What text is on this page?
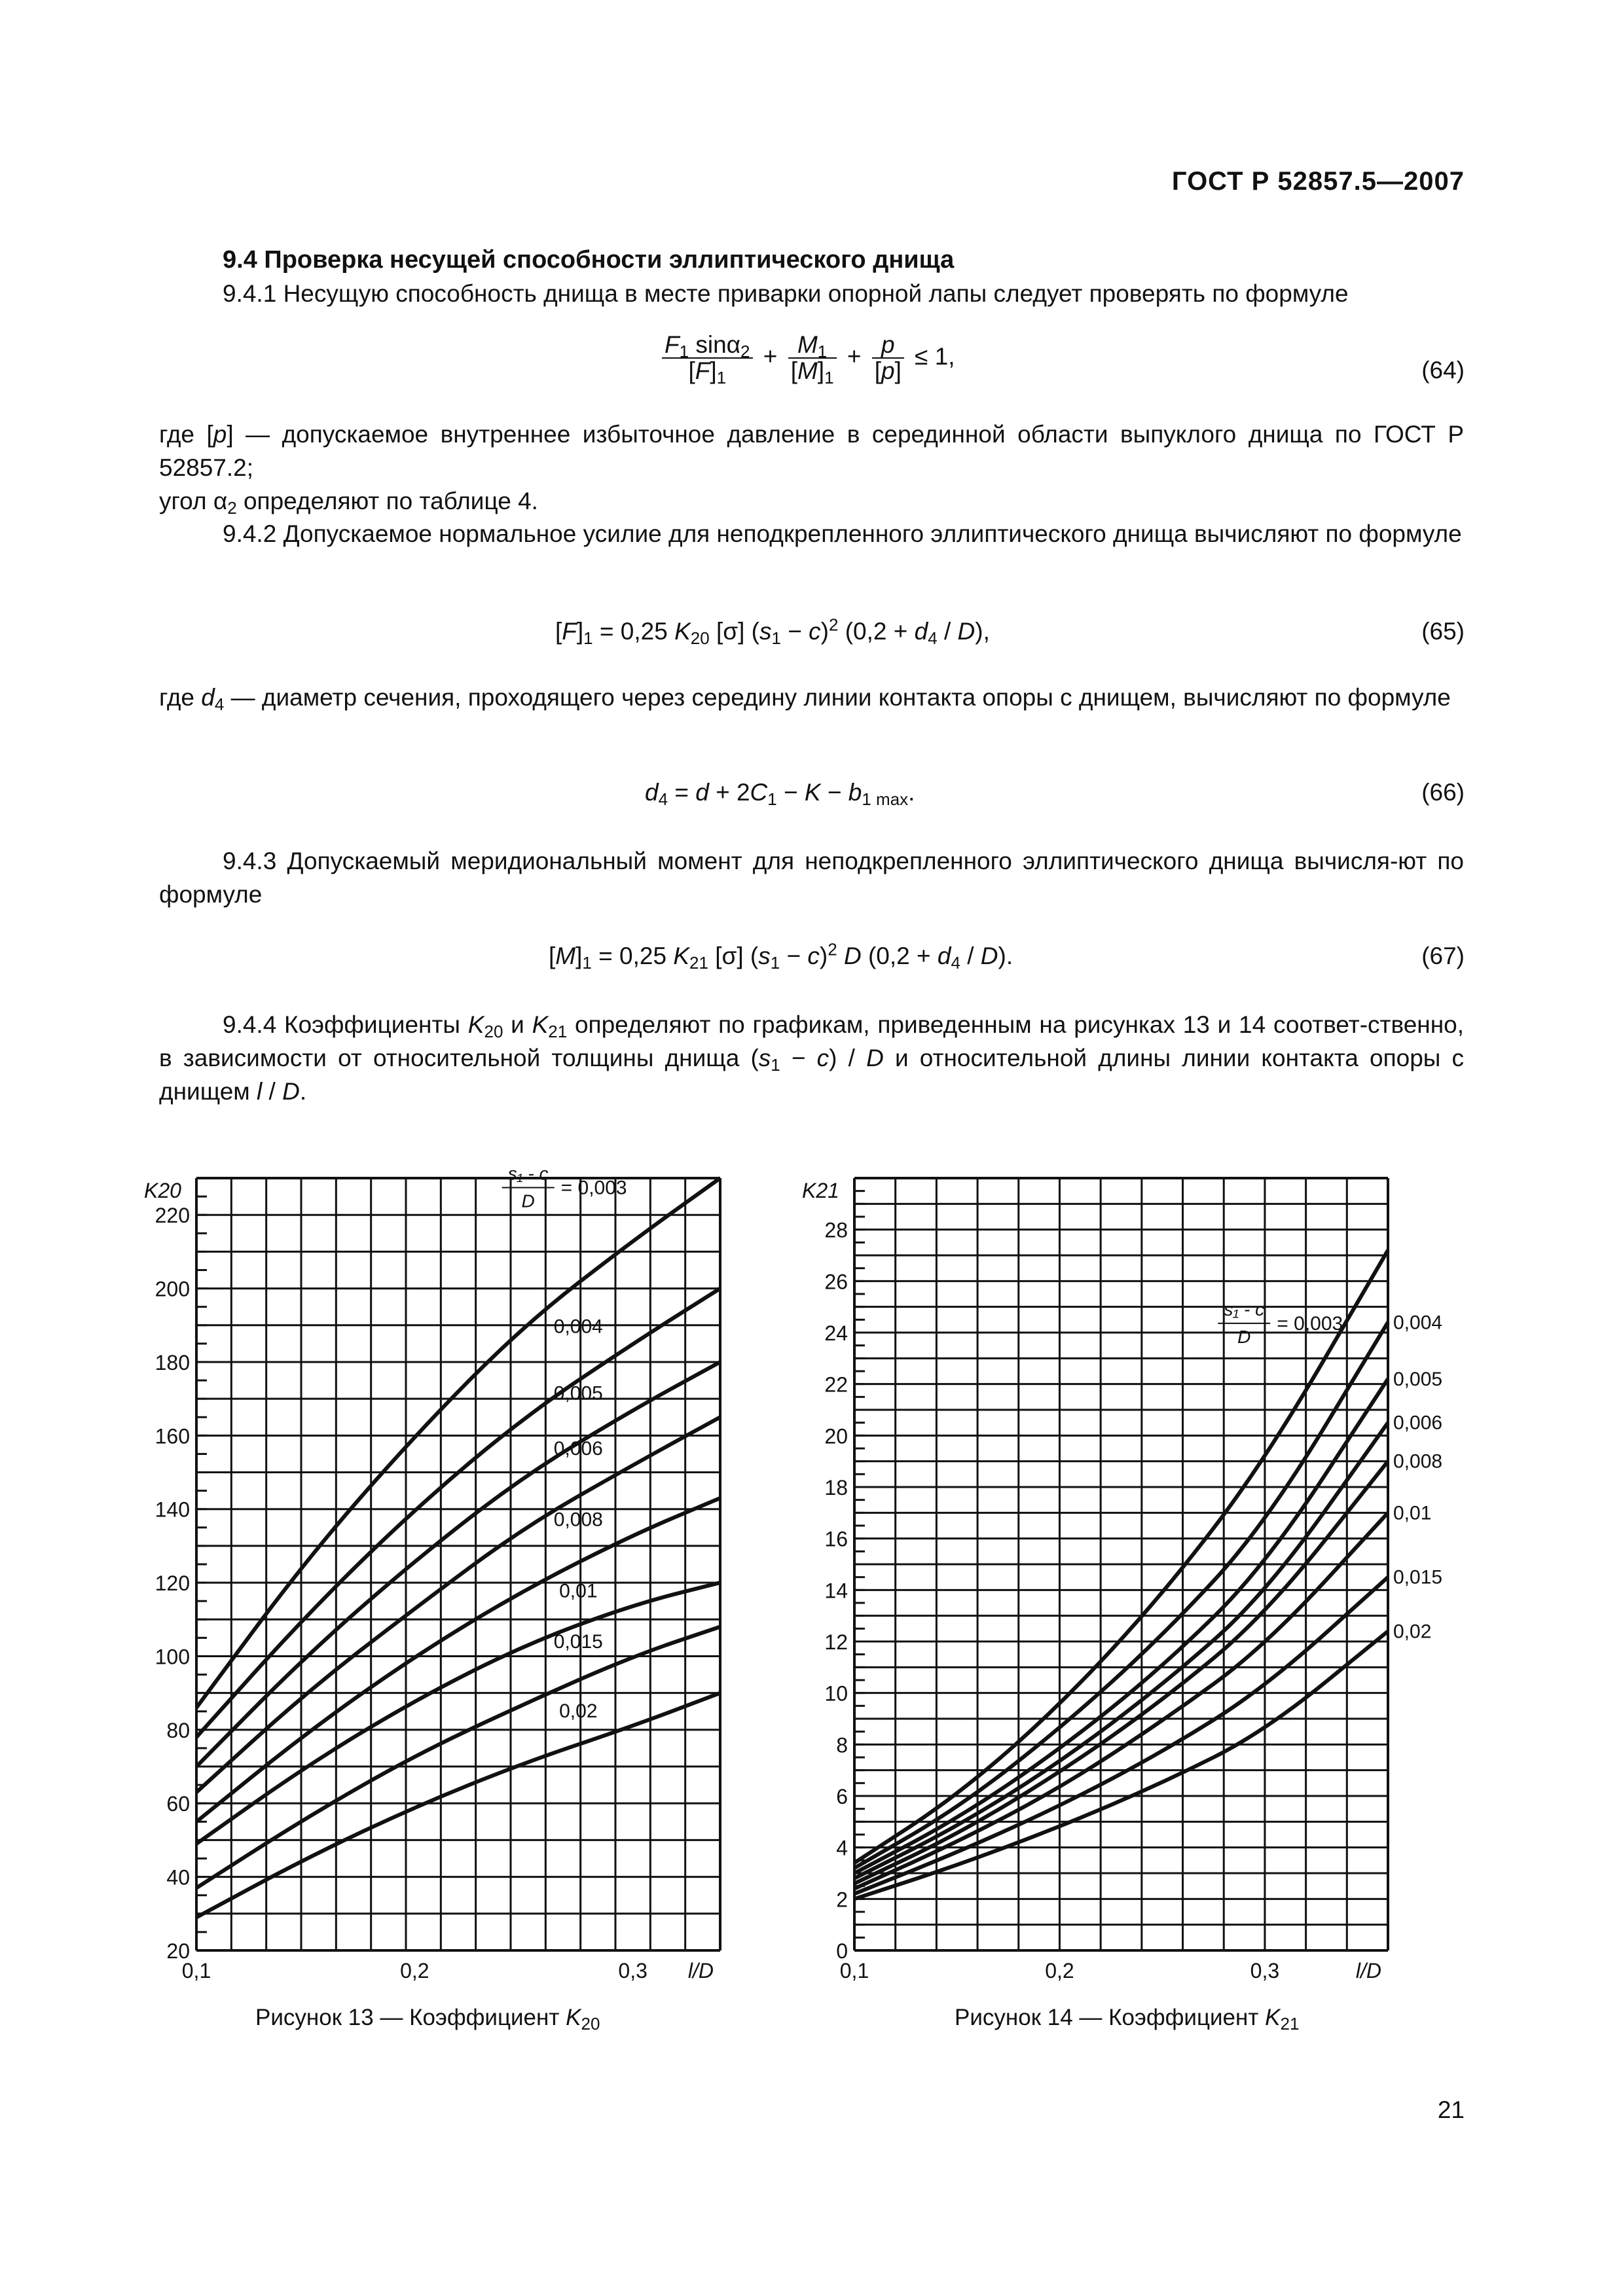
ГОСТ Р 52857.5—2007
9.4 Проверка несущей способности эллиптического днища
9.4.1 Несущую способность днища в месте приварки опорной лапы следует проверять по формуле
$\frac{F_1 \sin\alpha_2}{[F]_1} + \frac{M_1}{[M]_1} + \frac{p}{[p]} \le 1$,
(64)
где [p] — допускаемое внутреннее избыточное давление в серединной области выпуклого днища по ГОСТ Р 52857.2;
угол $\alpha_2$ определяют по таблице 4.
9.4.2 Допускаемое нормальное усилие для неподкрепленного эллиптического днища вычисляют по формуле
$[F]_1 = 0,25$ $K_{20}$ [σ] $(s_1 - c)^2$ $(0,2 + d_4 / D)$,	(65)
где $d_4$ — диаметр сечения, проходящего через середину линии контакта опоры с днищем, вычисляют по формуле
$d_4 = d + 2C_1 - K - b_{1 max}$.	(66)
9.4.3 Допускаемый меридиональный момент для неподкрепленного эллиптического днища вычисля-ют по формуле
$[M]_1 = 0,25$ $K_{21}$ [σ] $(s_1 - c)^2$ D $(0,2 + d_4 / D)$.	(67)
9.4.4 Коэффициенты $K_{20}$ и $K_{21}$ определяют по графикам, приведенным на рисунках 13 и 14 соответ-ственно, в зависимости от относительной толщины днища $(s_1 - c) / D$ и относительной длины линии контакта опоры с днищем l / D.
220
200
180
160
140
120
100
80
60
40
20
0,1	0,2	0,3
K20
l/D
s₁ - c
D
= 0,003
0,004
0,005
0,006
0,008
0,01
0,015
0,02
28
26
24
22
20
18
16
14
12
10
8
6
4
2
0
0,1	0,2	0,3
K21
l/D
s₁ - c
D
= 0,003	0,004
0,005
0,006
0,008
0,01
0,015
0,02
Рисунок 13 — Коэффициент $K_{20}$	Рисунок 14 — Коэффициент $K_{21}$
21
